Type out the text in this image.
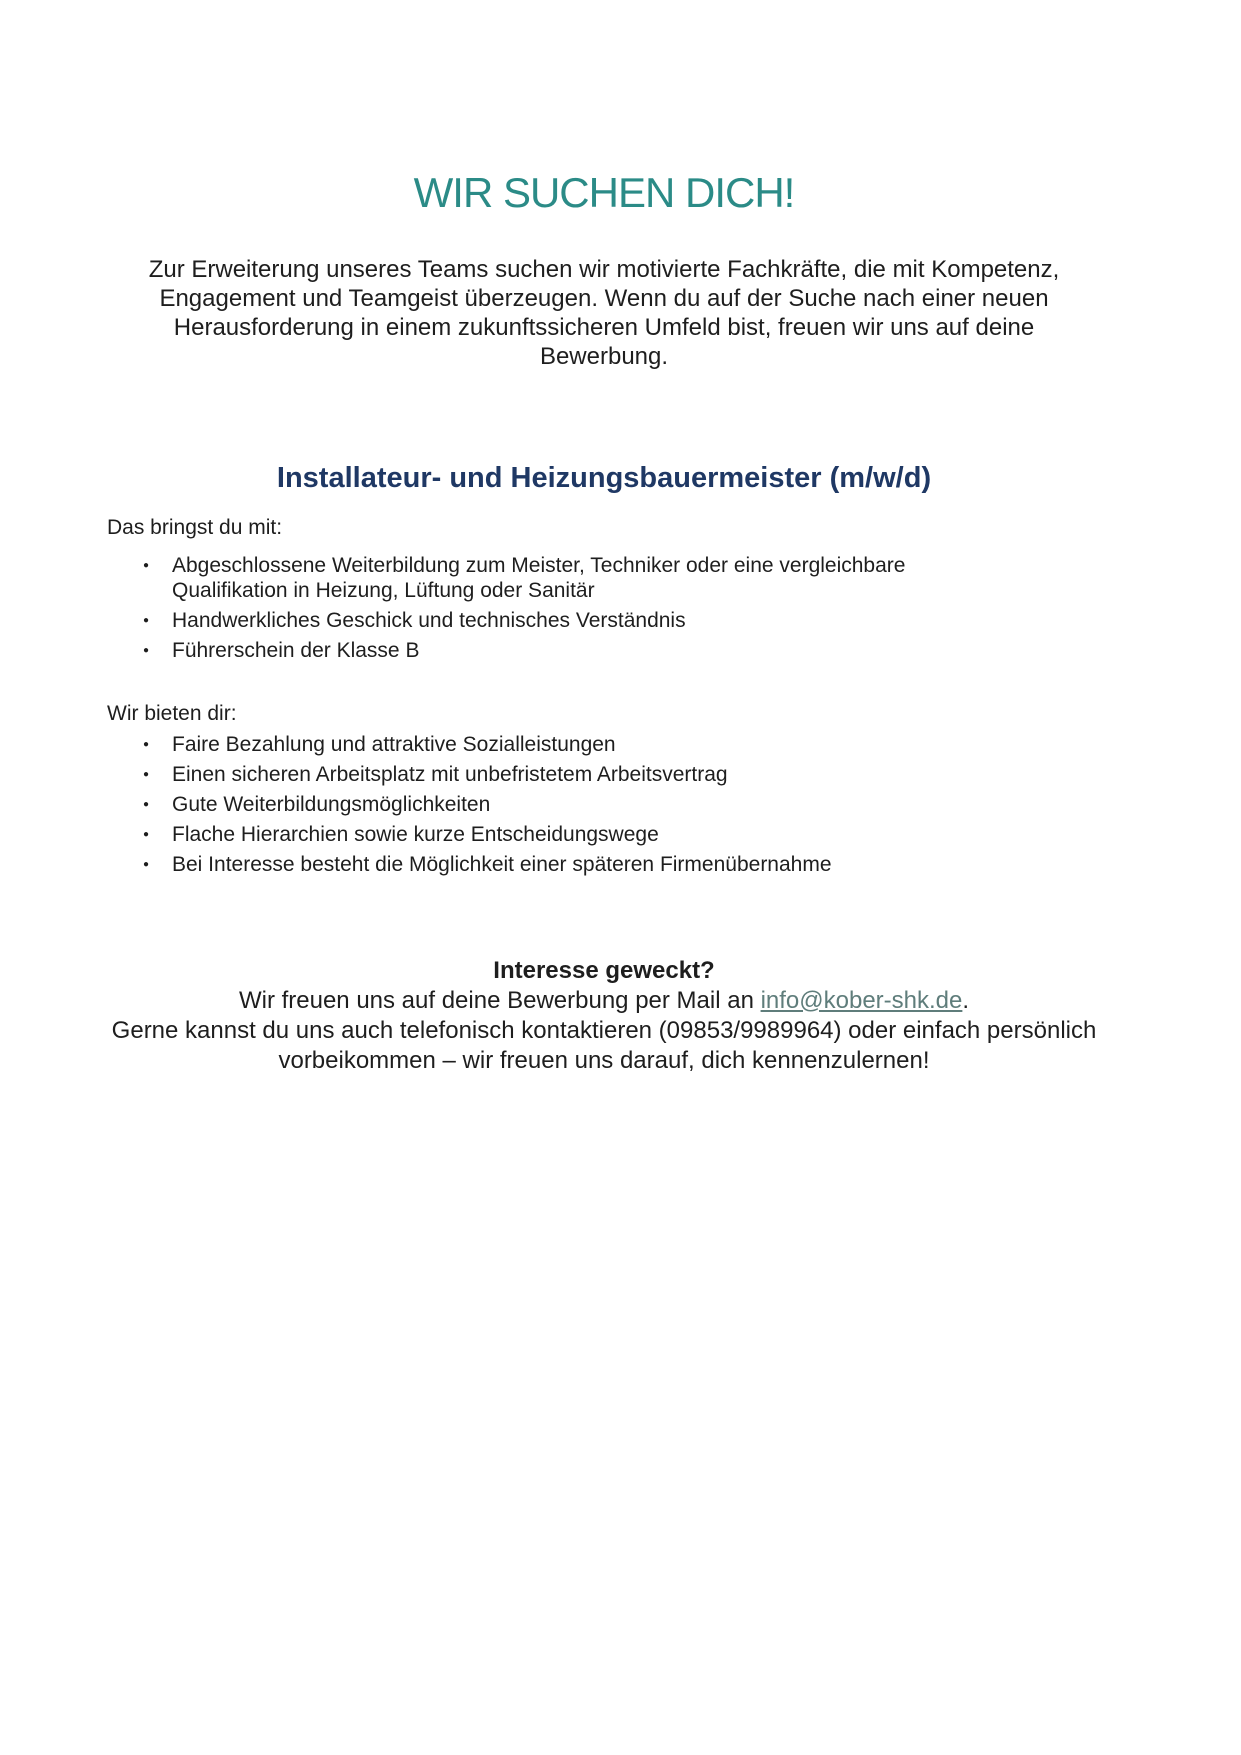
WIR SUCHEN DICH!

Zur Erweiterung unseres Teams suchen wir motivierte Fachkräfte, die mit Kompetenz,
Engagement und Teamgeist überzeugen. Wenn du auf der Suche nach einer neuen
Herausforderung in einem zukunftssicheren Umfeld bist, freuen wir uns auf deine
Bewerbung.

Installateur- und Heizungsbauermeister (m/w/d)

Das bringst du mit:

● Abgeschlossene Weiterbildung zum Meister, Techniker oder eine vergleichbare
Qualifikation in Heizung, Lüftung oder Sanitär
● Handwerkliches Geschick und technisches Verständnis
● Führerschein der Klasse B

Wir bieten dir:

● Faire Bezahlung und attraktive Sozialleistungen
● Einen sicheren Arbeitsplatz mit unbefristetem Arbeitsvertrag
● Gute Weiterbildungsmöglichkeiten
● Flache Hierarchien sowie kurze Entscheidungswege
● Bei Interesse besteht die Möglichkeit einer späteren Firmenübernahme

Interesse geweckt?

Wir freuen uns auf deine Bewerbung per Mail an info@kober-shk.de.
Gerne kannst du uns auch telefonisch kontaktieren (09853/9989964) oder einfach persönlich
vorbeikommen – wir freuen uns darauf, dich kennenzulernen!
